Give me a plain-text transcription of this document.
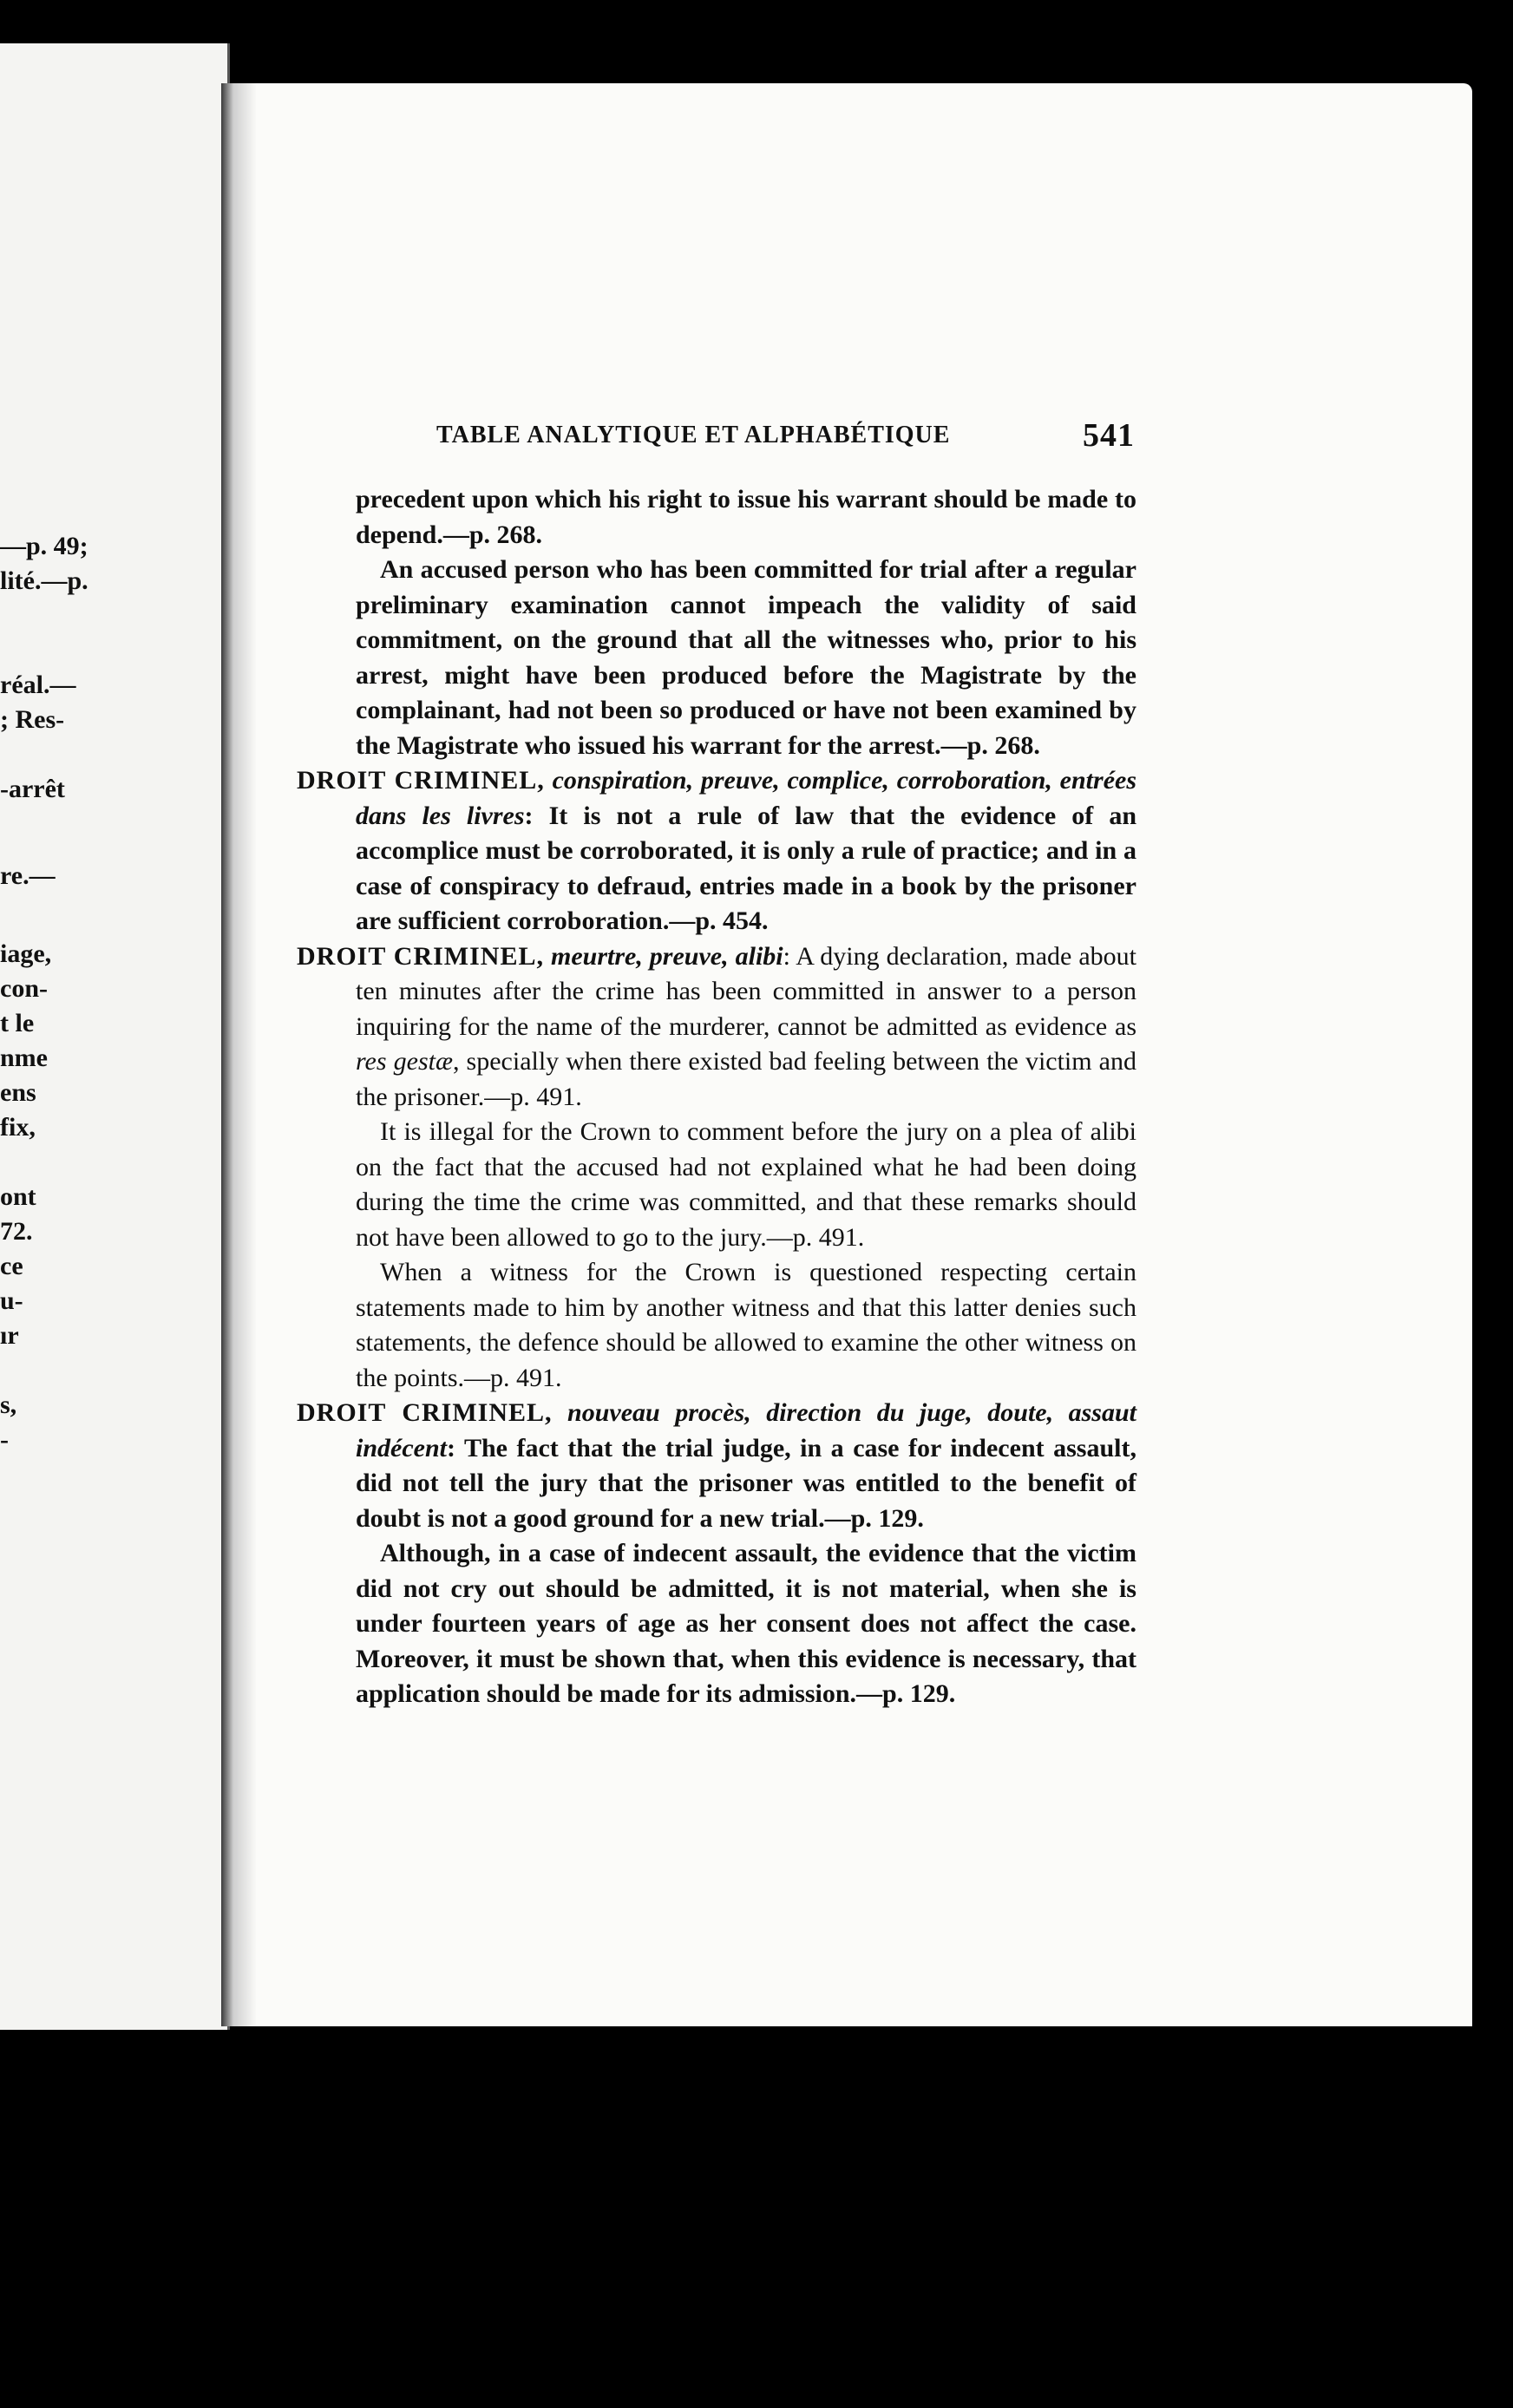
—p. 49;
lité.—p.
réal.—
; Res-
-arrêt
re.—
iage,
con-
t le
nme
ens
fix,
ont
72.
ce
u-
ır
s,
-
TABLE ANALYTIQUE ET ALPHABÉTIQUE	541

precedent upon which his right to issue his warrant should be made to depend.—p. 268.

An accused person who has been committed for trial after a regular preliminary examination cannot impeach the validity of said commitment, on the ground that all the witnesses who, prior to his arrest, might have been produced before the Magistrate by the complainant, had not been so produced or have not been examined by the Magistrate who issued his warrant for the arrest.—p. 268.

DROIT CRIMINEL, conspiration, preuve, complice, corroboration, entrées dans les livres: It is not a rule of law that the evidence of an accomplice must be corroborated, it is only a rule of practice; and in a case of conspiracy to defraud, entries made in a book by the prisoner are sufficient corroboration.—p. 454.

DROIT CRIMINEL, meurtre, preuve, alibi: A dying declaration, made about ten minutes after the crime has been committed in answer to a person inquiring for the name of the murderer, cannot be admitted as evidence as res gestæ, specially when there existed bad feeling between the victim and the prisoner.—p. 491.

It is illegal for the Crown to comment before the jury on a plea of alibi on the fact that the accused had not explained what he had been doing during the time the crime was committed, and that these remarks should not have been allowed to go to the jury.—p. 491.

When a witness for the Crown is questioned respecting certain statements made to him by another witness and that this latter denies such statements, the defence should be allowed to examine the other witness on the points.—p. 491.

DROIT CRIMINEL, nouveau procès, direction du juge, doute, assaut indécent: The fact that the trial judge, in a case for indecent assault, did not tell the jury that the prisoner was entitled to the benefit of doubt is not a good ground for a new trial.—p. 129.

Although, in a case of indecent assault, the evidence that the victim did not cry out should be admitted, it is not material, when she is under fourteen years of age as her consent does not affect the case. Moreover, it must be shown that, when this evidence is necessary, that application should be made for its admission.—p. 129.
